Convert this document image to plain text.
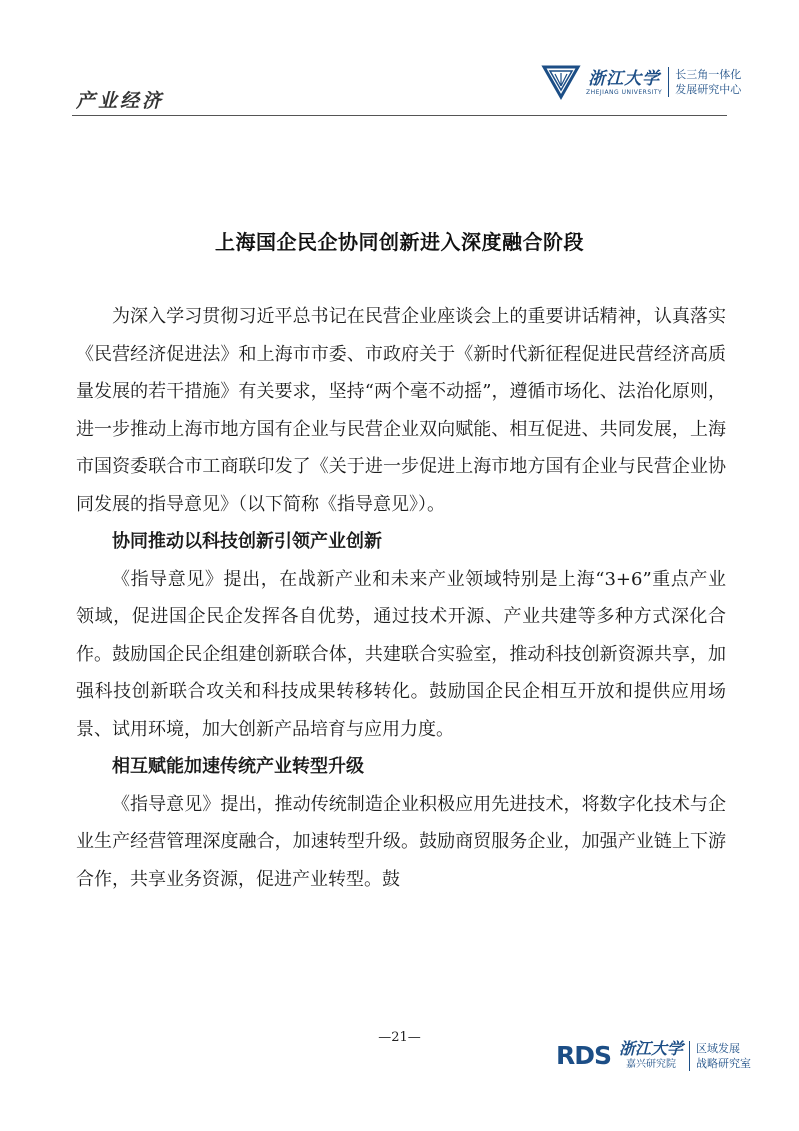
产业经济
浙江大学
ZHEJIANG UNIVERSITY
长三角一体化
发展研究中心
上海国企民企协同创新进入深度融合阶段

为深入学习贯彻习近平总书记在民营企业座谈会上的重要讲话精神，认真落实《民营经济促进法》和上海市市委、市政府关于《新时代新征程促进民营经济高质量发展的若干措施》有关要求，坚持“两个毫不动摇”，遵循市场化、法治化原则，进一步推动上海市地方国有企业与民营企业双向赋能、相互促进、共同发展，上海市国资委联合市工商联印发了《关于进一步促进上海市地方国有企业与民营企业协同发展的指导意见》（以下简称《指导意见》）。

协同推动以科技创新引领产业创新

《指导意见》提出，在战新产业和未来产业领域特别是上海“3+6”重点产业领域，促进国企民企发挥各自优势，通过技术开源、产业共建等多种方式深化合作。鼓励国企民企组建创新联合体，共建联合实验室，推动科技创新资源共享，加强科技创新联合攻关和科技成果转移转化。鼓励国企民企相互开放和提供应用场景、试用环境，加大创新产品培育与应用力度。

相互赋能加速传统产业转型升级

《指导意见》提出，推动传统制造企业积极应用先进技术，将数字化技术与企业生产经营管理深度融合，加速转型升级。鼓励商贸服务企业，加强产业链上下游合作，共享业务资源，促进产业转型。鼓

—21—
RDS 浙江大学
嘉兴研究院
区域发展
战略研究室
